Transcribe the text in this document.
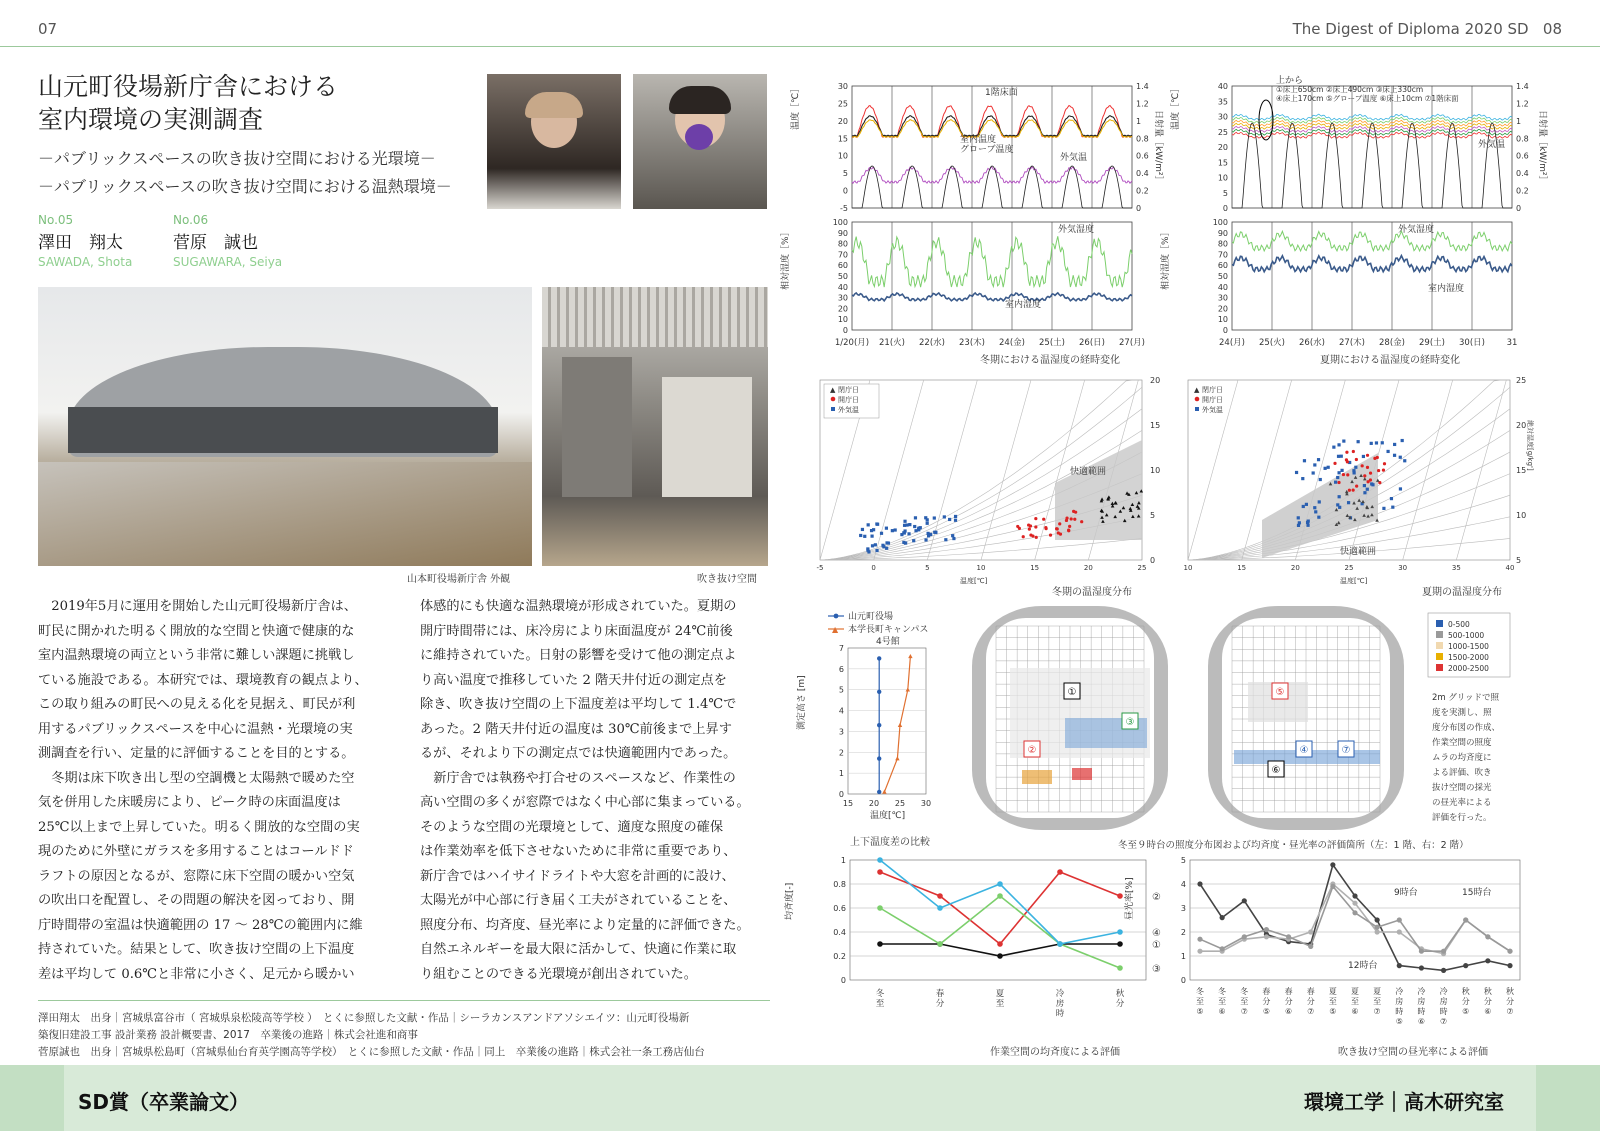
07	The Digest of Diploma 2020 SD 08
山元町役場新庁舎における
室内環境の実測調査
－パブリックスペースの吹き抜け空間における光環境－
－パブリックスペースの吹き抜け空間における温熱環境－
No.05
澤田　翔太
SAWADA, Shota
No.06
菅原　誠也
SUGAWARA, Seiya
山本町役場新庁舎 外観	吹き抜け空間
2019年5月に運用を開始した山元町役場新庁舎は、
町民に開かれた明るく開放的な空間と快適で健康的な
室内温熱環境の両立という非常に難しい課題に挑戦し
ている施設である。本研究では、環境教育の観点より、
この取り組みの町民への見える化を見据え、町民が利
用するパブリックスペースを中心に温熱・光環境の実
測調査を行い、定量的に評価することを目的とする。
冬期は床下吹き出し型の空調機と太陽熱で暖めた空
気を併用した床暖房により、ピーク時の床面温度は
25℃以上まで上昇していた。明るく開放的な空間の実
現のために外壁にガラスを多用することはコールドド
ラフトの原因となるが、窓際に床下空間の暖かい空気
の吹出口を配置し、その問題の解決を図っており、開
庁時間帯の室温は快適範囲の 17 ～ 28℃の範囲内に維
持されていた。結果として、吹き抜け空間の上下温度
差は平均して 0.6℃と非常に小さく、足元から暖かい
体感的にも快適な温熱環境が形成されていた。夏期の
開庁時間帯には、床冷房により床面温度が 24℃前後
に維持されていた。日射の影響を受けて他の測定点よ
り高い温度で推移していた 2 階天井付近の測定点を
除き、吹き抜け空間の上下温度差は平均して 1.4℃で
あった。2 階天井付近の温度は 30℃前後まで上昇す
るが、それより下の測定点では快適範囲内であった。
新庁舎では執務や打合せのスペースなど、作業性の
高い空間の多くが窓際ではなく中心部に集まっている。
そのような空間の光環境として、適度な照度の確保
は作業効率を低下させないために非常に重要であり、
新庁舎ではハイサイドライトや大窓を計画的に設け、
太陽光が中心部に行き届く工夫がされていることを、
照度分布、均斉度、昼光率により定量的に評価できた。
自然エネルギーを最大限に活かして、快適に作業に取
り組むことのできる光環境が創出されていた。
澤田翔太　出身｜宮城県富谷市（ 宮城県泉松陵高等学校 ）　とくに参照した文献・作品｜シーラカンスアンドアソシエイツ：山元町役場新
築復旧建設工事 設計業務 設計概要書、2017　卒業後の進路｜株式会社進和商事
菅原誠也　出身｜宮城県松島町（宮城県仙台育英学園高等学校）　とくに参照した文献・作品｜同上　卒業後の進路｜株式会社一条工務店仙台
SD賞（卒業論文）	環境工学｜高木研究室
1階床面
室内温度
グローブ温度
外気温
温度［℃］
日射量［kW/m²］
-5
0
5
10
15
20
25
30
0
0.2
0.4
0.6
0.8
1
1.2
1.4
外気湿度
室内湿度
相対湿度［%］
0
10
20
30
40
50
60
70
80
90
100
1/20(月) 21(火) 22(水) 23(木) 24(金) 25(土) 26(日) 27(月)
冬期における温湿度の経時変化
上から
①床上650cm ②床上490cm ③床上330cm
④床上170cm ⑤グローブ温度 ⑥床上10cm ⑦1階床面
外気温
温度［℃］
日射量［kW/m²］
0
5
10
15
20
25
30
35
40
0
0.2
0.4
0.6
0.8
1
1.2
1.4
外気湿度
室内湿度
相対湿度［%］
0
10
20
30
40
50
60
70
80
90
100
24(月) 25(火) 26(水) 27(木) 28(金) 29(土) 30(日)	31
夏期における温湿度の経時変化
快適範囲
▲ 閉庁日
開庁日
外気温
-5	0	5	10	15	20	25
0
5
10
15
20
温度[℃]
冬期の温湿度分布
快適範囲
▲ 閉庁日
開庁日
外気温
絶対湿度[g/kg']
10	15	20	25	30	35	40
5
10
15
20
25
温度[℃]
夏期の温湿度分布
山元町役場
▲ 本学長町キャンパス
4号館
測定高さ [m]
温度[℃]
0
1
2
3
4
5
6
7
15 20 25 30
上下温度差の比較
①
②
③
⑤
④	⑦
⑥
0-500
500-1000
1000-1500
1500-2000
2000-2500
2m グリッドで照
度を実測し、照
度分布図の作成、
作業空間の照度
ムラの均斉度に
よる評価、吹き
抜け空間の採光
の昼光率による
評価を行った。
冬至９時台の照度分布図および均斉度・昼光率の評価箇所（左：1 階、右：2 階）
均斉度[-]
0
0.2
0.4
0.6
0.8
1
冬
至
春
分
夏
至
冷
房
時
秋
分
②
④
①
③
作業空間の均斉度による評価
9時台	15時台
12時台
昼光率[%]
0
1
2
3
4
5
冬
至
⑤
冬
至
⑥
冬
至
⑦
春
分
⑤
春
分
⑥
春
分
⑦
夏
至
⑤
夏
至
⑥
夏
至
⑦
冷
房
時
⑤
冷
房
時
⑥
冷
房
時
⑦
秋
分
⑤
秋
分
⑥
秋
分
⑦
吹き抜け空間の昼光率による評価
